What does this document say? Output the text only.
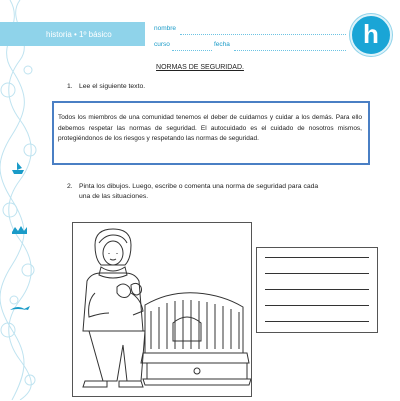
historia • 1º básico
nombre
curso	fecha	h
NORMAS DE SEGURIDAD.
1. Lee el siguiente texto.

Todos los miembros de una comunidad tenemos el deber de cuidarnos y cuidar a los demás. Para ello debemos respetar las normas de seguridad. El autocuidado es el cuidado de nosotros mismos, protegiéndonos de los riesgos y respetando las normas de seguridad.

2. Pinta los dibujos. Luego, escribe o comenta una norma de seguridad para cada
una de las situaciones.
